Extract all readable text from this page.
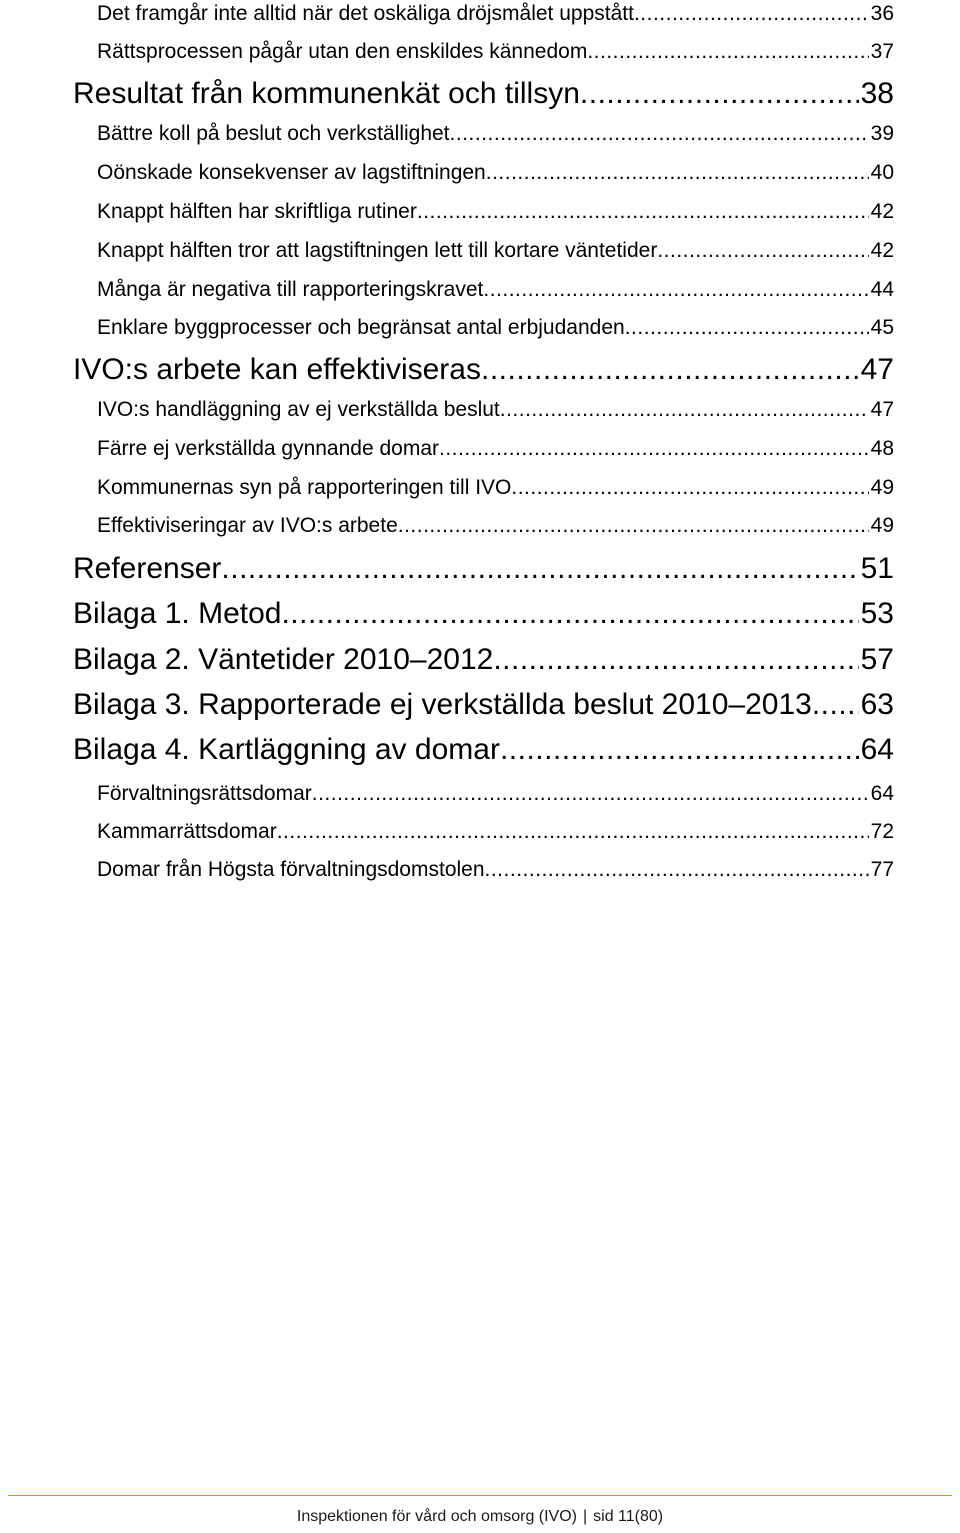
Det framgår inte alltid när det oskäliga dröjsmålet uppstått .....	36
Rättsprocessen pågår utan den enskildes kännedom .....	37
Resultat från kommunenkät och tillsyn .....	38
Bättre koll på beslut och verkställighet .....	39
Oönskade konsekvenser av lagstiftningen .....	40
Knappt hälften har skriftliga rutiner .....	42
Knappt hälften tror att lagstiftningen lett till kortare väntetider .....	42
Många är negativa till rapporteringskravet .....	44
Enklare byggprocesser och begränsat antal erbjudanden .....	45
IVO:s arbete kan effektiviseras .....	47
IVO:s handläggning av ej verkställda beslut .....	47
Färre ej verkställda gynnande domar .....	48
Kommunernas syn på rapporteringen till IVO .....	49
Effektiviseringar av IVO:s arbete .....	49
Referenser .....	51
Bilaga 1. Metod .....	53
Bilaga 2. Väntetider 2010–2012 .....	57
Bilaga 3. Rapporterade ej verkställda beslut 2010–2013 ..... 63
Bilaga 4. Kartläggning av domar .....	64
Förvaltningsrättsdomar .....	64
Kammarrättsdomar .....	72
Domar från Högsta förvaltningsdomstolen .....	77
Inspektionen för vård och omsorg (IVO) | sid 11(80)
